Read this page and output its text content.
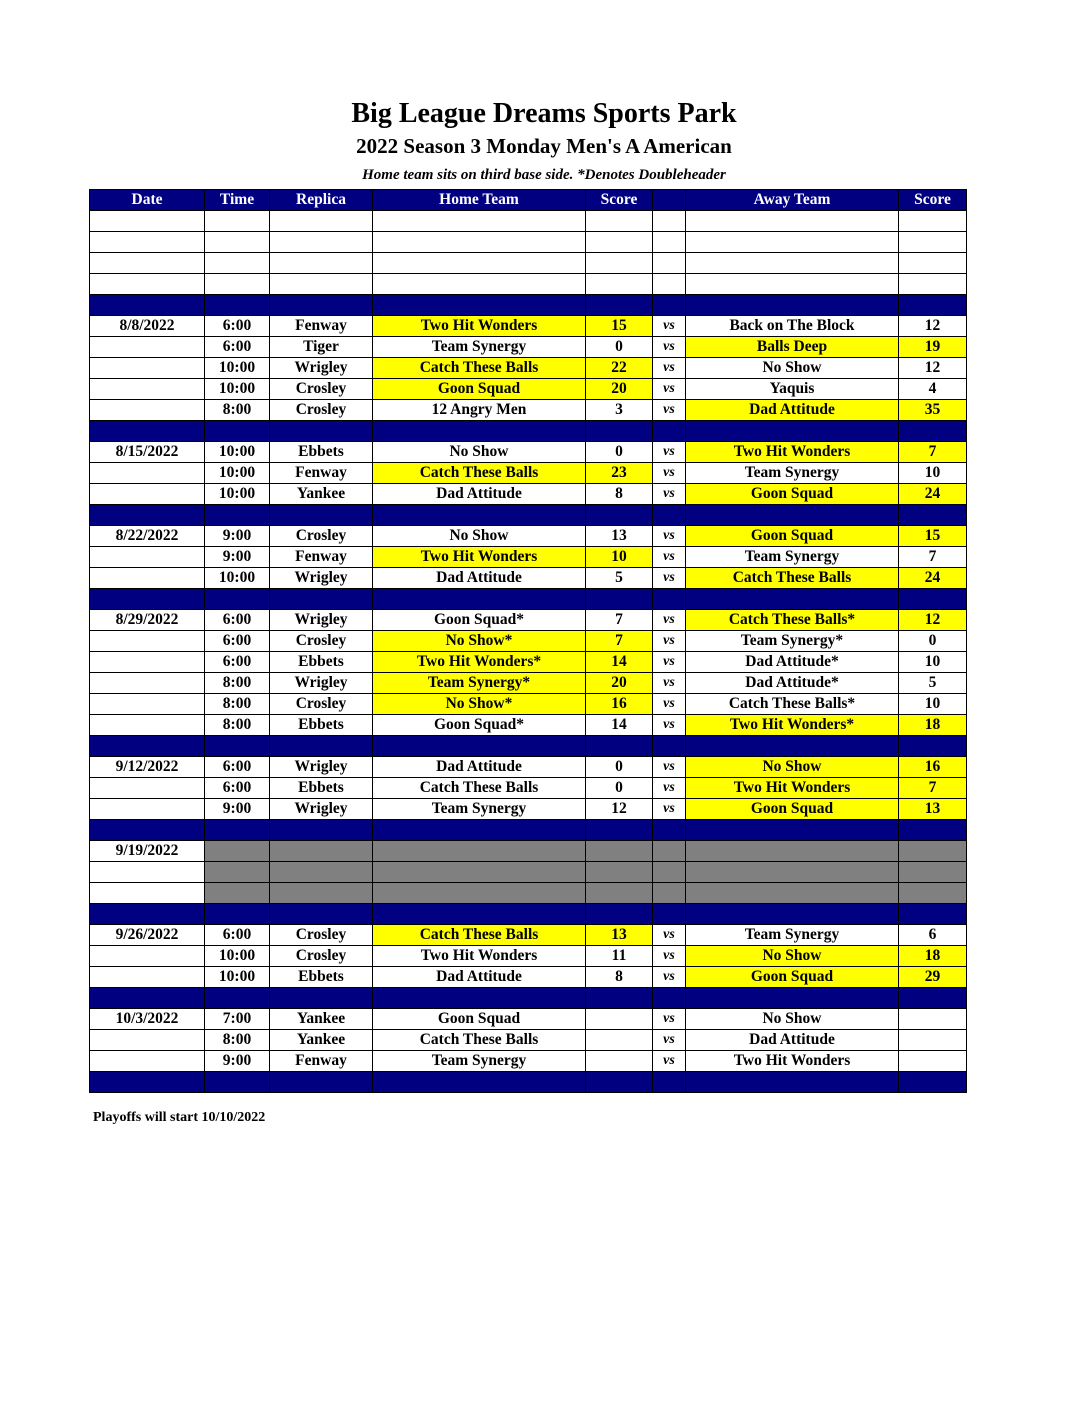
Big League Dreams Sports Park
2022 Season 3 Monday Men's A American
Home team sits on third base side. *Denotes Doubleheader
Date	Time	Replica	Home Team	Score		Away Team	Score

8/8/2022	6:00	Fenway	Two Hit Wonders	15	vs	Back on The Block	12
	6:00	Tiger	Team Synergy	0	vs	Balls Deep	19
	10:00	Wrigley	Catch These Balls	22	vs	No Show	12
	10:00	Crosley	Goon Squad	20	vs	Yaquis	4
	8:00	Crosley	12 Angry Men	3	vs	Dad Attitude	35

8/15/2022	10:00	Ebbets	No Show	0	vs	Two Hit Wonders	7
	10:00	Fenway	Catch These Balls	23	vs	Team Synergy	10
	10:00	Yankee	Dad Attitude	8	vs	Goon Squad	24

8/22/2022	9:00	Crosley	No Show	13	vs	Goon Squad	15
	9:00	Fenway	Two Hit Wonders	10	vs	Team Synergy	7
	10:00	Wrigley	Dad Attitude	5	vs	Catch These Balls	24

8/29/2022	6:00	Wrigley	Goon Squad*	7	vs	Catch These Balls*	12
	6:00	Crosley	No Show*	7	vs	Team Synergy*	0
	6:00	Ebbets	Two Hit Wonders*	14	vs	Dad Attitude*	10
	8:00	Wrigley	Team Synergy*	20	vs	Dad Attitude*	5
	8:00	Crosley	No Show*	16	vs	Catch These Balls*	10
	8:00	Ebbets	Goon Squad*	14	vs	Two Hit Wonders*	18

9/12/2022	6:00	Wrigley	Dad Attitude	0	vs	No Show	16
	6:00	Ebbets	Catch These Balls	0	vs	Two Hit Wonders	7
	9:00	Wrigley	Team Synergy	12	vs	Goon Squad	13

9/19/2022							

9/26/2022	6:00	Crosley	Catch These Balls	13	vs	Team Synergy	6
	10:00	Crosley	Two Hit Wonders	11	vs	No Show	18
	10:00	Ebbets	Dad Attitude	8	vs	Goon Squad	29

10/3/2022	7:00	Yankee	Goon Squad		vs	No Show	
	8:00	Yankee	Catch These Balls		vs	Dad Attitude	
	9:00	Fenway	Team Synergy		vs	Two Hit Wonders	

Playoffs will start 10/10/2022
